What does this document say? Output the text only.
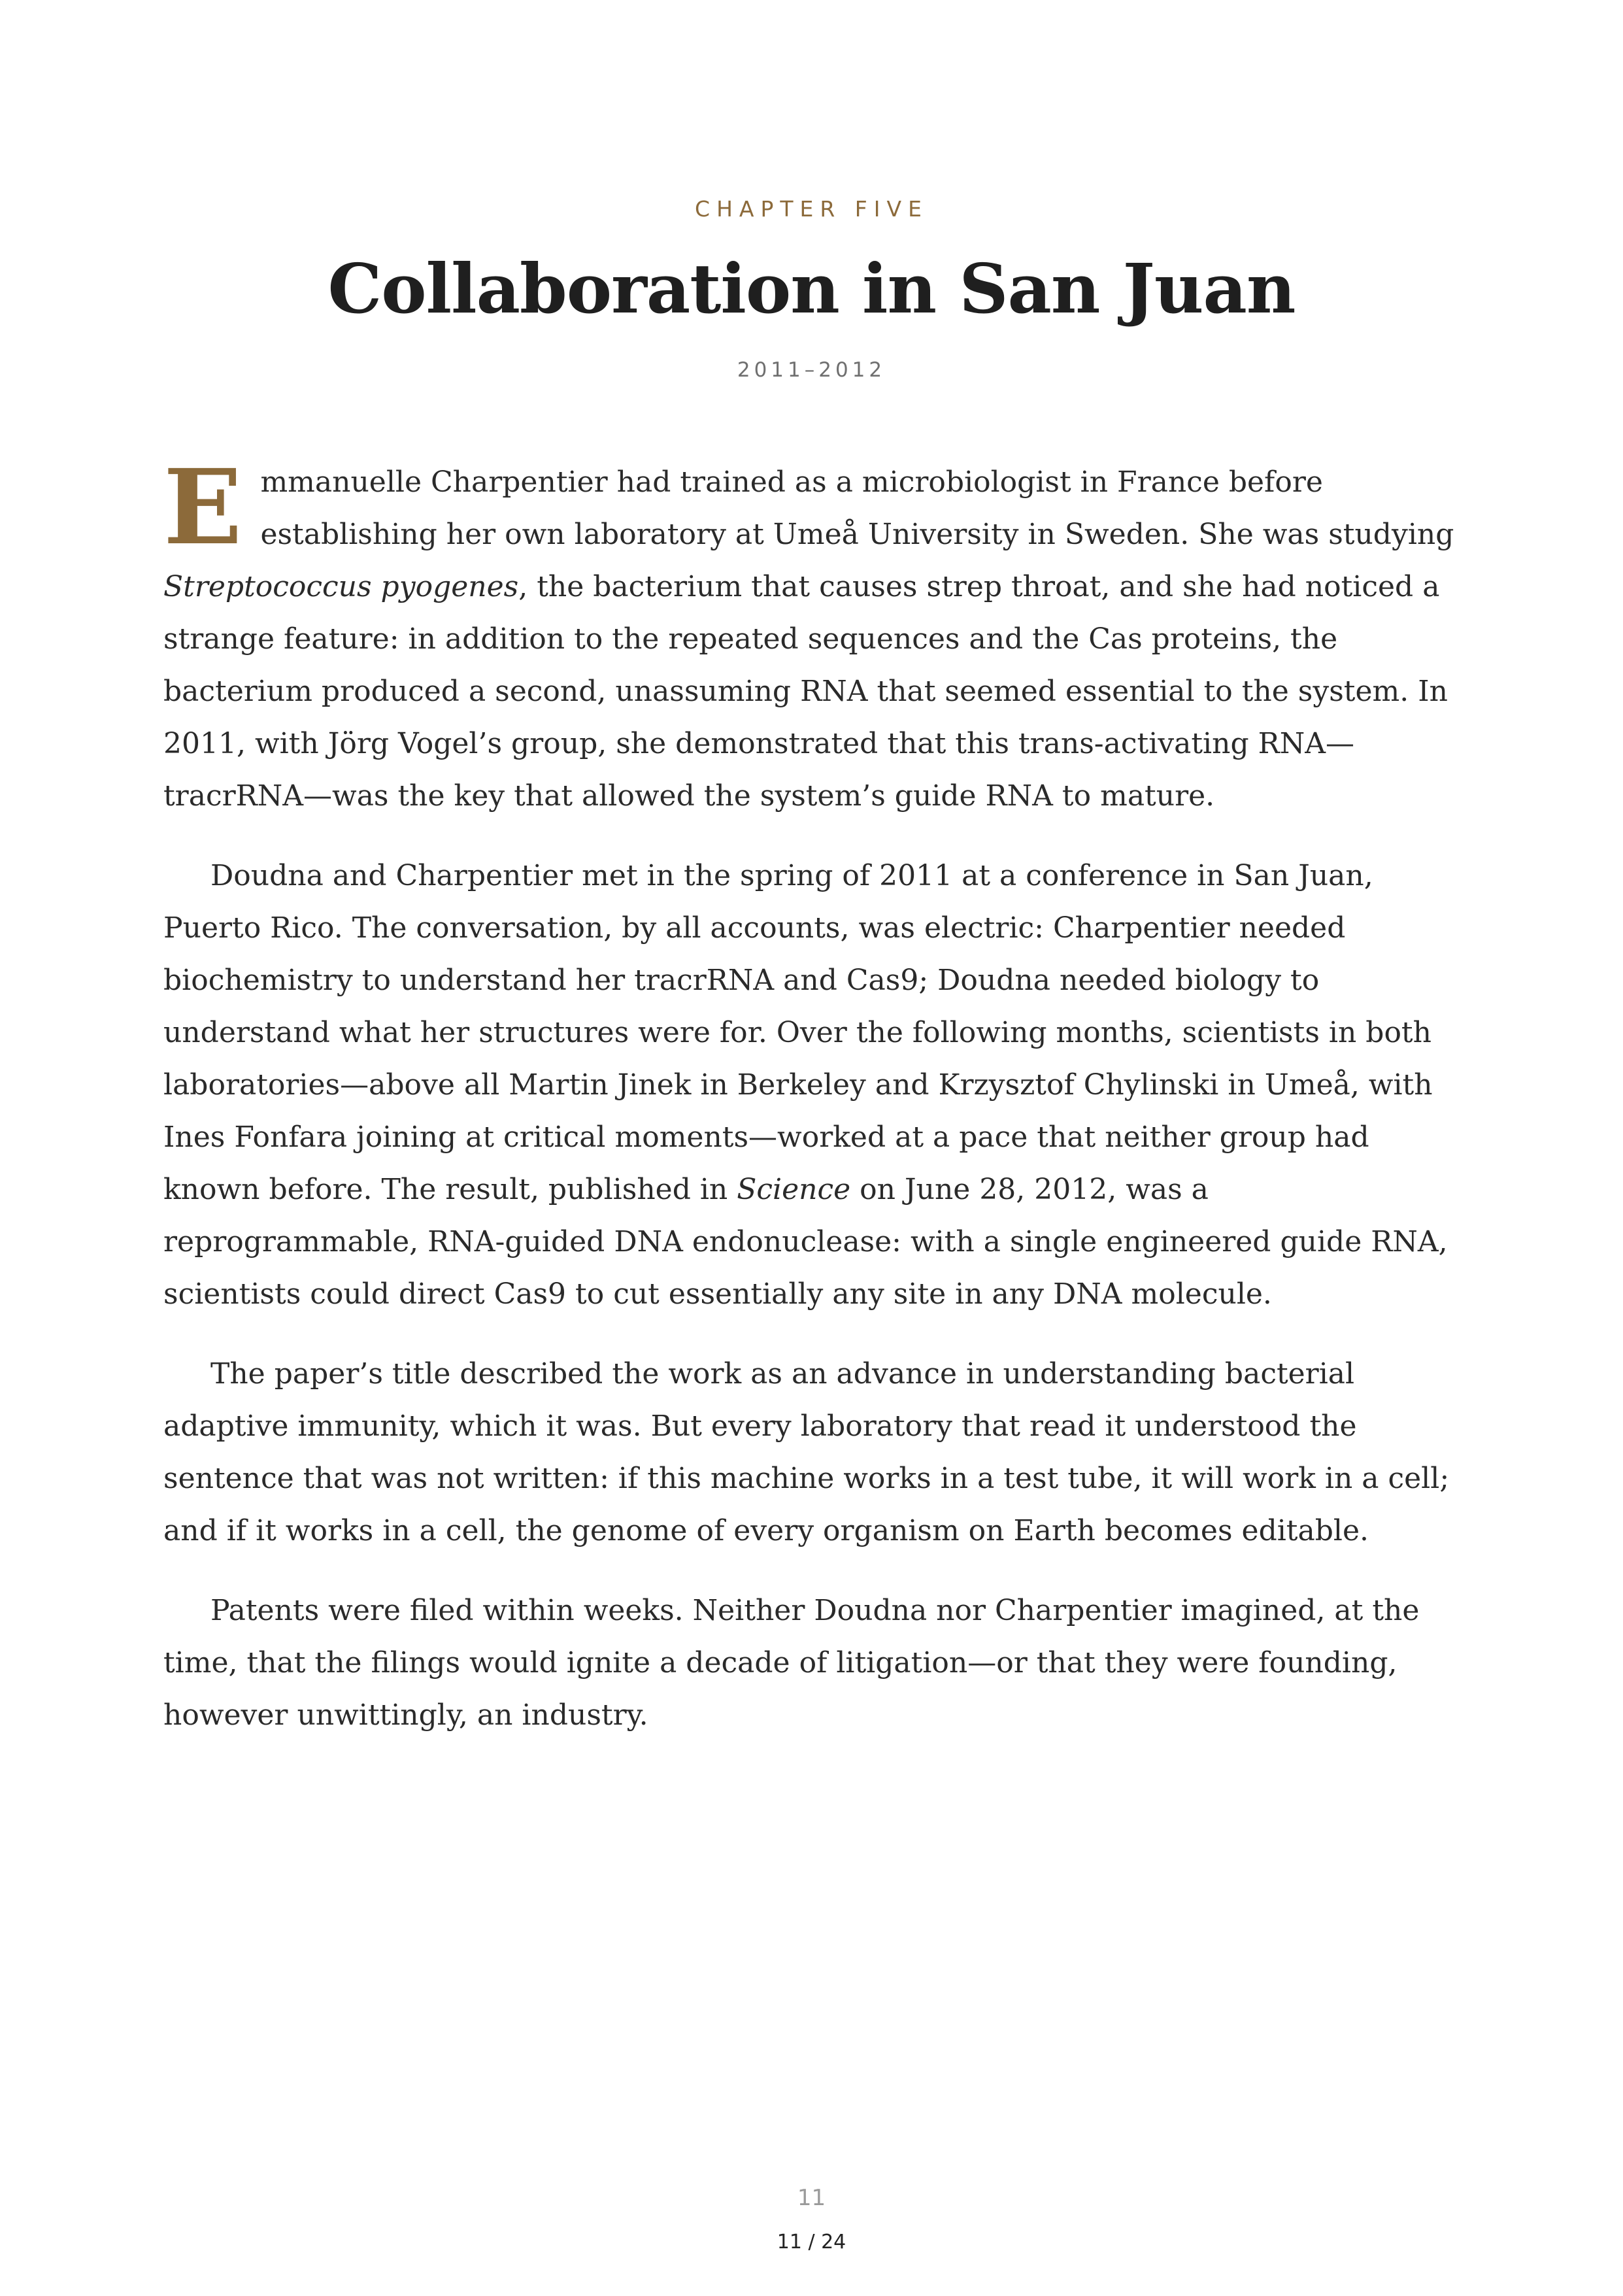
CHAPTER FIVE
Collaboration in San Juan
2011–2012

Emmanuelle Charpentier had trained as a microbiologist in France before establishing her own laboratory at Umeå University in Sweden. She was studying Streptococcus pyogenes, the bacterium that causes strep throat, and she had noticed a strange feature: in addition to the repeated sequences and the Cas proteins, the bacterium produced a second, unassuming RNA that seemed essential to the system. In 2011, with Jörg Vogel’s group, she demonstrated that this trans-activating RNA—tracrRNA—was the key that allowed the system’s guide RNA to mature.

Doudna and Charpentier met in the spring of 2011 at a conference in San Juan, Puerto Rico. The conversation, by all accounts, was electric: Charpentier needed biochemistry to understand her tracrRNA and Cas9; Doudna needed biology to understand what her structures were for. Over the following months, scientists in both laboratories—above all Martin Jinek in Berkeley and Krzysztof Chylinski in Umeå, with Ines Fonfara joining at critical moments—worked at a pace that neither group had known before. The result, published in Science on June 28, 2012, was a reprogrammable, RNA-guided DNA endonuclease: with a single engineered guide RNA, scientists could direct Cas9 to cut essentially any site in any DNA molecule.

The paper’s title described the work as an advance in understanding bacterial adaptive immunity, which it was. But every laboratory that read it understood the sentence that was not written: if this machine works in a test tube, it will work in a cell; and if it works in a cell, the genome of every organism on Earth becomes editable.

Patents were filed within weeks. Neither Doudna nor Charpentier imagined, at the time, that the filings would ignite a decade of litigation—or that they were founding, however unwittingly, an industry.

11
11 / 24
